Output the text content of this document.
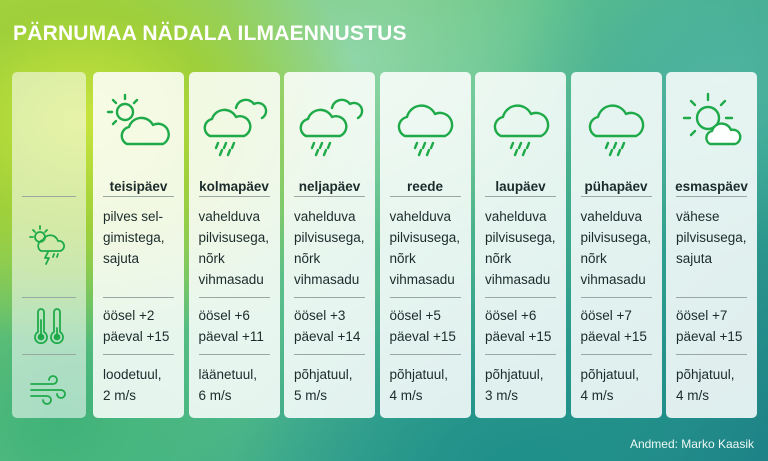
PÄRNUMAA NÄDALA ILMAENNUSTUS
teisipäev
pilves sel-
gimistega,
sajuta
öösel +2
päeval +15
loodetuul,
2 m/s
kolmapäev
vahelduva
pilvisusega,
nõrk
vihmasadu
öösel +6
päeval +11
läänetuul,
6 m/s
neljapäev
vahelduva
pilvisusega,
nõrk
vihmasadu
öösel +3
päeval +14
põhjatuul,
5 m/s
reede
vahelduva
pilvisusega,
nõrk
vihmasadu
öösel +5
päeval +15
põhjatuul,
4 m/s
laupäev
vahelduva
pilvisusega,
nõrk
vihmasadu
öösel +6
päeval +15
põhjatuul,
3 m/s
pühapäev
vahelduva
pilvisusega,
nõrk
vihmasadu
öösel +7
päeval +15
põhjatuul,
4 m/s
esmaspäev
vähese
pilvisusega,
sajuta
öösel +7
päeval +15
põhjatuul,
4 m/s
Andmed: Marko Kaasik
